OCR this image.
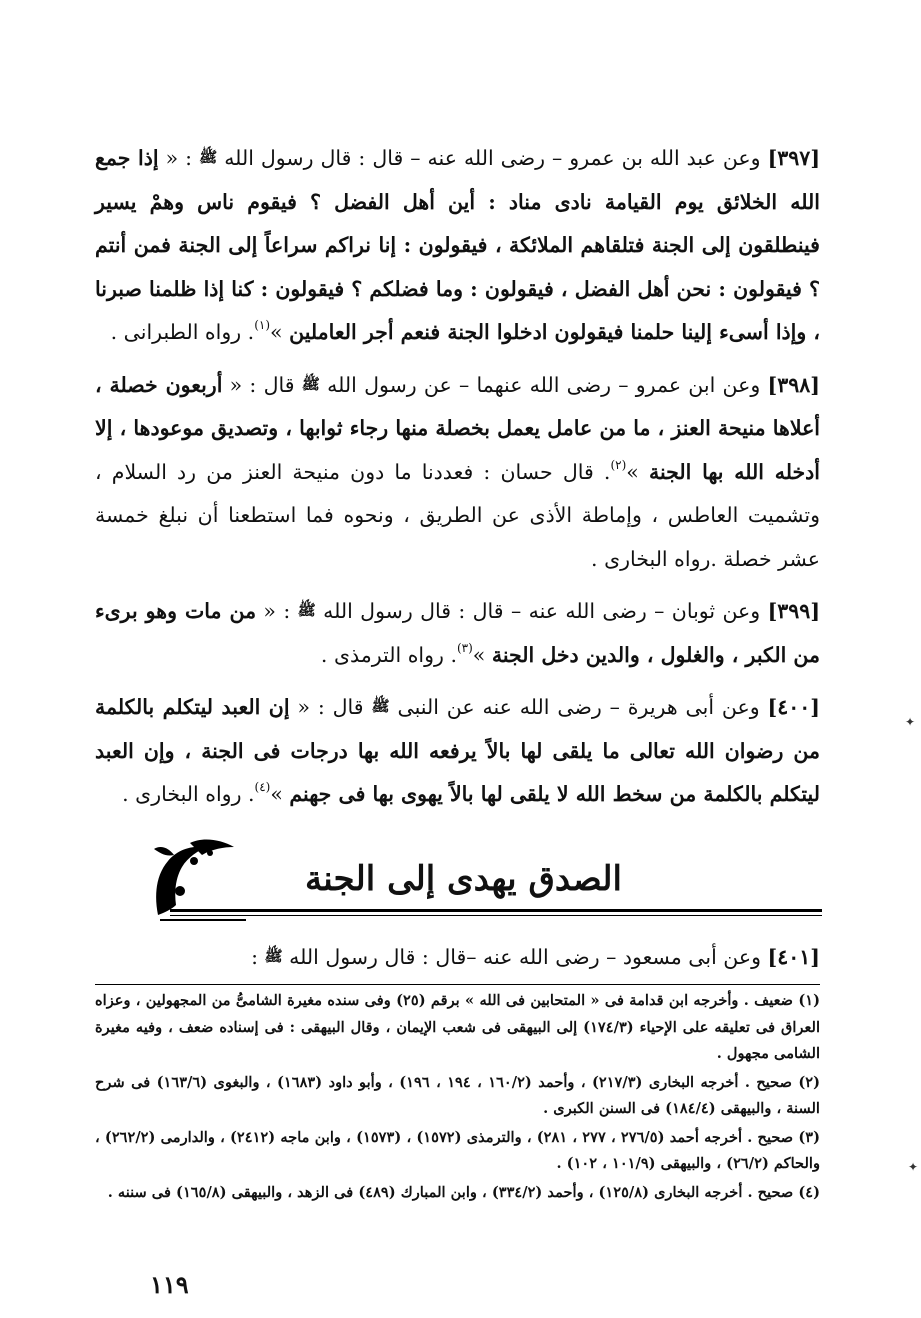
[٣٩٧] وعن عبد الله بن عمرو – رضى الله عنه – قال : قال رسول الله ﷺ : « إذا جمع الله الخلائق يوم القيامة نادى مناد : أين أهل الفضل ؟ فيقوم ناس وهمْ يسير فينطلقون إلى الجنة فتلقاهم الملائكة ، فيقولون : إنا نراكم سراعاً إلى الجنة فمن أنتم ؟ فيقولون : نحن أهل الفضل ، فيقولون : وما فضلكم ؟ فيقولون : كنا إذا ظلمنا صبرنا ، وإذا أسىء إلينا حلمنا فيقولون ادخلوا الجنة فنعم أجر العاملين »$^{(١)}$. رواه الطبرانى .

[٣٩٨] وعن ابن عمرو – رضى الله عنهما – عن رسول الله ﷺ قال : « أربعون خصلة ، أعلاها منيحة العنز ، ما من عامل يعمل بخصلة منها رجاء ثوابها ، وتصديق موعودها ، إلا أدخله الله بها الجنة »$^{(٢)}$. قال حسان : فعددنا ما دون منيحة العنز من رد السلام ، وتشميت العاطس ، وإماطة الأذى عن الطريق ، ونحوه فما استطعنا أن نبلغ خمسة عشر خصلة .رواه البخارى .

[٣٩٩] وعن ثوبان – رضى الله عنه – قال : قال رسول الله ﷺ : « من مات وهو برىء من الكبر ، والغلول ، والدين دخل الجنة »$^{(٣)}$. رواه الترمذى .

[٤٠٠] وعن أبى هريرة – رضى الله عنه عن النبى ﷺ قال : « إن العبد ليتكلم بالكلمة من رضوان الله تعالى ما يلقى لها بالاً يرفعه الله بها درجات فى الجنة ، وإن العبد ليتكلم بالكلمة من سخط الله لا يلقى لها بالاً يهوى بها فى جهنم »$^{(٤)}$. رواه البخارى .

الصدق يهدى إلى الجنة

[٤٠١] وعن أبى مسعود – رضى الله عنه –قال : قال رسول الله ﷺ :

(١) ضعيف . وأخرجه ابن قدامة فى « المتحابين فى الله » برقم (٢٥) وفى سنده مغيرة الشامىُّ من المجهولين ، وعزاه العراق فى تعليقه على الإحياء (١٧٤/٣) إلى البيهقى فى شعب الإيمان ، وقال البيهقى : فى إسناده ضعف ، وفيه مغيرة الشامى مجهول .

(٢) صحيح . أخرجه البخارى (٢١٧/٣) ، وأحمد (١٦٠/٢ ، ١٩٤ ، ١٩٦) ، وأبو داود (١٦٨٣) ، والبغوى (١٦٣/٦) فى شرح السنة ، والبيهقى (١٨٤/٤) فى السنن الكبرى .

(٣) صحيح . أخرجه أحمد (٢٧٦/٥ ، ٢٧٧ ، ٢٨١) ، والترمذى (١٥٧٢) ، (١٥٧٣) ، وابن ماجه (٢٤١٢) ، والدارمى (٢٦٢/٢) ، والحاكم (٢٦/٢) ، والبيهقى (١٠١/٩ ، ١٠٢) .

(٤) صحيح . أخرجه البخارى (١٢٥/٨) ، وأحمد (٣٣٤/٢) ، وابن المبارك (٤٨٩) فى الزهد ، والبيهقى (١٦٥/٨) فى سننه .

١١٩
✦
✦
